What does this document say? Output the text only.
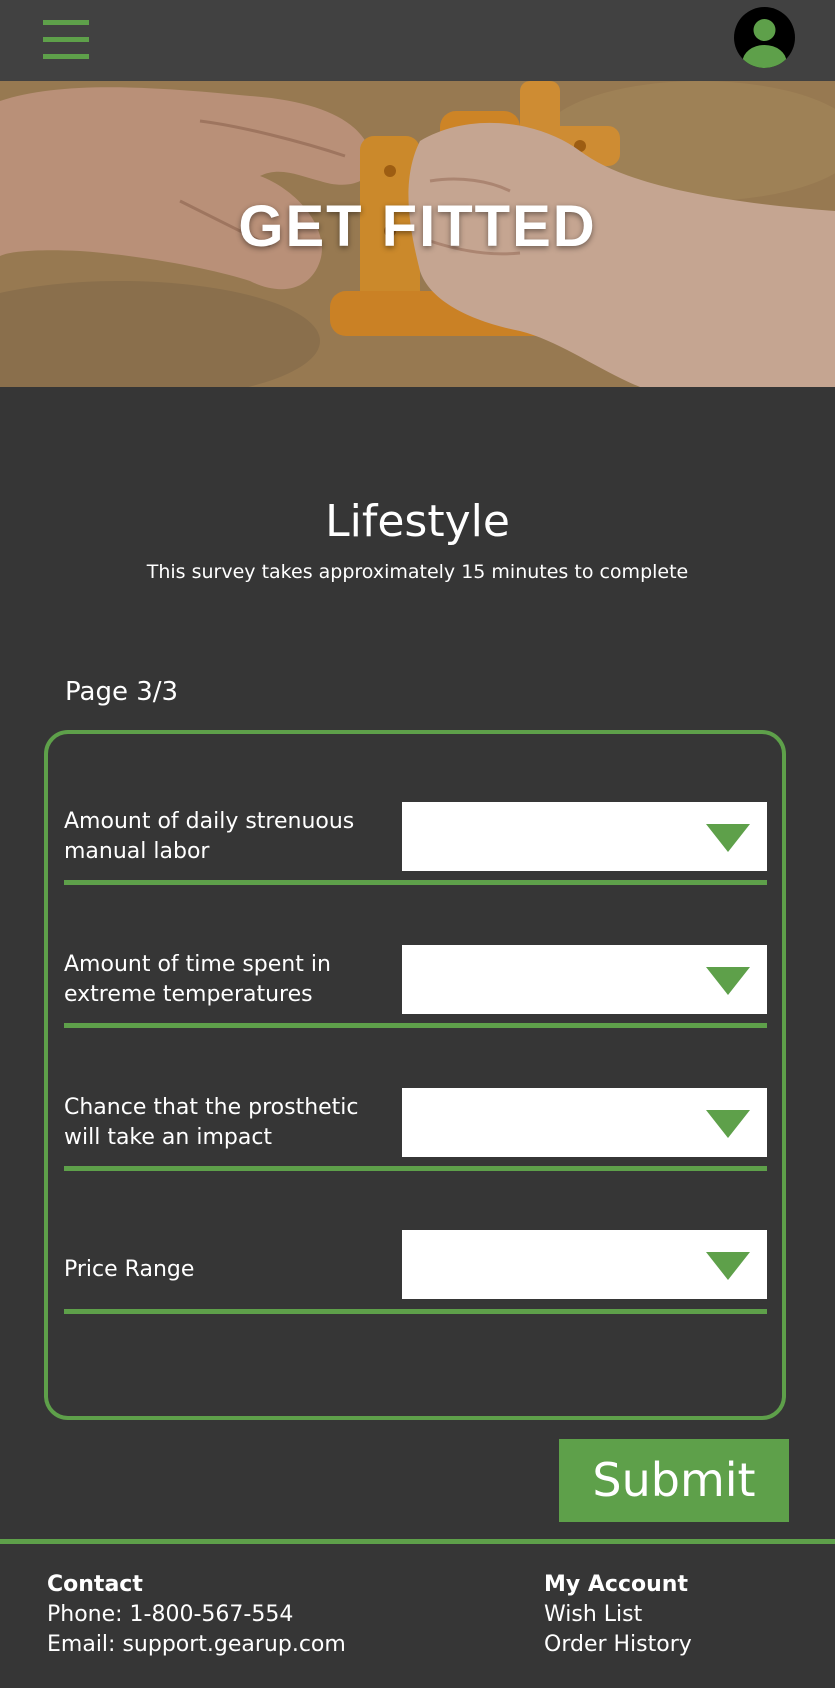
GET FITTED
Lifestyle
This survey takes approximately 15 minutes to complete
Page 3/3
Amount of daily strenuous
manual labor
Amount of time spent in
extreme temperatures
Chance that the prosthetic
will take an impact
Price Range
Submit
Contact
Phone: 1-800-567-554
Email: support.gearup.com
My Account
Wish List
Order History
